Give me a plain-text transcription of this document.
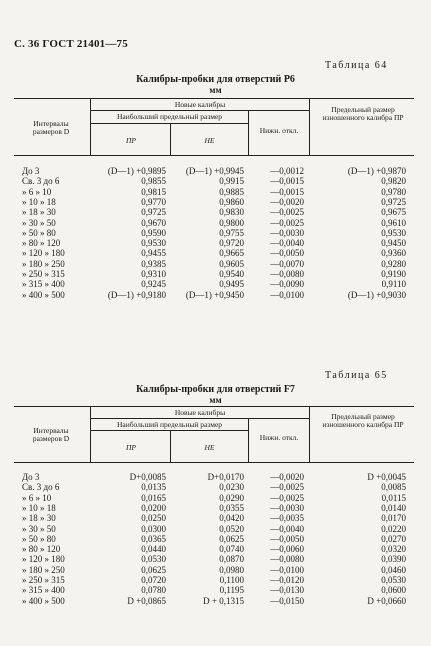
С. 36 ГОСТ 21401—75
Таблица 64
Калибры-пробки для отверстий Р6
мм
Интервалы размеров D
Новые калибры
Наибольший предельный размер
ПР	НЕ
Нижн. откл.
Предельный размер изношенного калибра ПР
До 3	(D—1) +0,9895	(D—1) +0,9945	—0,0012	(D—1) +0,9870
Св. 3 до 6	0,9855	0,9915	—0,0015	0,9820
» 6 » 10	0,9815	0,9885	—0,0015	0,9780
» 10 » 18	0,9770	0,9860	—0,0020	0,9725
» 18 » 30	0,9725	0,9830	—0,0025	0,9675
» 30 » 50	0,9670	0,9800	—0,0025	0,9610
» 50 » 80	0,9590	0,9755	—0,0030	0,9530
» 80 » 120	0,9530	0,9720	—0,0040	0,9450
» 120 » 180	0,9455	0,9665	—0,0050	0,9360
» 180 » 250	0,9385	0,9605	—0,0070	0,9280
» 250 » 315	0,9310	0,9540	—0,0080	0,9190
» 315 » 400	0,9245	0,9495	—0,0090	0,9110
» 400 » 500	(D—1) +0,9180	(D—1) +0,9450	—0,0100	(D—1) +0,9030
Таблица 65
Калибры-пробки для отверстий F7
мм
Интервалы размеров D
Новые калибры
Наибольший предельный размер
ПР	НЕ
Нижн. откл.
Предельный размер изношенного калибра ПР
До 3	D+0,0085	D+0,0170	—0,0020	D +0,0045
Св. 3 до 6	0,0135	0,0230	—0,0025	0,0085
» 6 » 10	0,0165	0,0290	—0,0025	0,0115
» 10 » 18	0,0200	0,0355	—0,0030	0,0140
» 18 » 30	0,0250	0,0420	—0,0035	0,0170
» 30 » 50	0,0300	0,0520	—0,0040	0,0220
» 50 » 80	0,0365	0,0625	—0,0050	0,0270
» 80 » 120	0,0440	0,0740	—0,0060	0,0320
» 120 » 180	0,0530	0,0870	—0,0080	0,0390
» 180 » 250	0,0625	0,0980	—0,0100	0,0460
» 250 » 315	0,0720	0,1100	—0,0120	0,0530
» 315 » 400	0,0780	0,1195	—0,0130	0,0600
» 400 » 500	D +0,0865	D + 0,1315	—0,0150	D +0,0660
